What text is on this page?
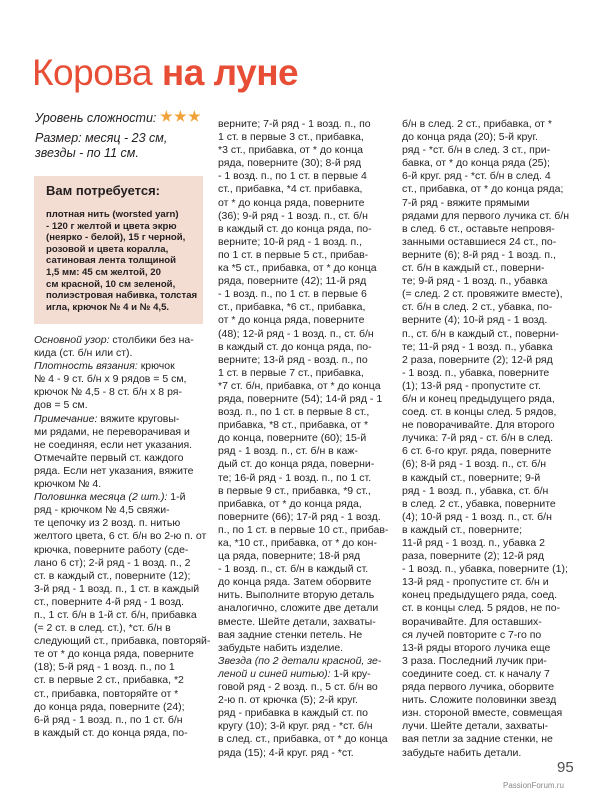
Корова на луне
Уровень сложности:
Размер: месяц - 23 см,
звезды - по 11 см.
Вам потребуется:
плотная нить (worsted yarn)
- 120 г желтой и цвета экрю
(неярко - белой), 15 г черной,
розовой и цвета коралла,
сатиновая лента толщиной
1,5 мм: 45 см желтой, 20
см красной, 10 см зеленой,
полиэстровая набивка, толстая
игла, крючок № 4 и № 4,5.

Основной узор: столбики без на-

кида (ст. б/н или ст).

Плотность вязания: крючок

№ 4 - 9 ст. б/н х 9 рядов = 5 см,

крючок № 4,5 - 8 ст. б/н х 8 ря-

дов = 5 см.

Примечание: вяжите круговы-

ми рядами, не переворачивая и

не соединяя, если нет указания.

Отмечайте первый ст. каждого

ряда. Если нет указания, вяжите

крючком № 4.

Половинка месяца (2 шт.): 1-й

ряд - крючком № 4,5 свяжи-

те цепочку из 2 возд. п. нитью

желтого цвета, 6 ст. б/н во 2-ю п. от

крючка, поверните работу (сде-

лано 6 ст); 2-й ряд - 1 возд. п., 2

ст. в каждый ст., поверните (12);

3-й ряд - 1 возд. п., 1 ст. в каждый

ст., поверните 4-й ряд - 1 возд.

п., 1 ст. б/н в 1-й ст. б/н, прибавка

(= 2 ст. в след. ст.), *ст. б/н в

следующий ст., прибавка, повторяй-

те от * до конца ряда, поверните

(18); 5-й ряд - 1 возд. п., по 1

ст. в первые 2 ст., прибавка, *2

ст., прибавка, повторяйте от *

до конца ряда, поверните (24);

6-й ряд - 1 возд. п., по 1 ст. б/н

в каждый ст. до конца ряда, по-

верните; 7-й ряд - 1 возд. п., по

1 ст. в первые 3 ст., прибавка,

*3 ст., прибавка, от * до конца

ряда, поверните (30); 8-й ряд

- 1 возд. п., по 1 ст. в первые 4

ст., прибавка, *4 ст. прибавка,

от * до конца ряда, поверните

(36); 9-й ряд - 1 возд. п., ст. б/н

в каждый ст. до конца ряда, по-

верните; 10-й ряд - 1 возд. п.,

по 1 ст. в первые 5 ст., прибав-

ка *5 ст., прибавка, от * до конца

ряда, поверните (42); 11-й ряд

- 1 возд. п., по 1 ст. в первые 6

ст., прибавка, *6 ст., прибавка,

от * до конца ряда, поверните

(48); 12-й ряд - 1 возд. п., ст. б/н

в каждый ст. до конца ряда, по-

верните; 13-й ряд - возд. п., по

1 ст. в первые 7 ст., прибавка,

*7 ст. б/н, прибавка, от * до конца

ряда, поверните (54); 14-й ряд - 1

возд. п., по 1 ст. в первые 8 ст.,

прибавка, *8 ст., прибавка, от *

до конца, поверните (60); 15-й

ряд - 1 возд. п., ст. б/н в каж-

дый ст. до конца ряда, поверни-

те; 16-й ряд - 1 возд. п., по 1 ст.

в первые 9 ст., прибавка, *9 ст.,

прибавка, от * до конца ряда,

поверните (66); 17-й ряд - 1 возд.

п., по 1 ст. в первые 10 ст., прибав-

ка, *10 ст., прибавка, от * до кон-

ца ряда, поверните; 18-й ряд

- 1 возд. п., ст. б/н в каждый ст.

до конца ряда. Затем оборвите

нить. Выполните вторую деталь

аналогично, сложите две детали

вместе. Шейте детали, захваты-

вая задние стенки петель. Не

забудьте набить изделие.

Звезда (по 2 детали красной, зе-

леной и синей нитью): 1-й кру-

говой ряд - 2 возд. п., 5 ст. б/н во

2-ю п. от крючка (5); 2-й круг.

ряд - прибавка в каждый ст. по

кругу (10); 3-й круг. ряд - *ст. б/н

в след. ст., прибавка, от * до конца

ряда (15); 4-й круг. ряд - *ст.

б/н в след. 2 ст., прибавка, от *

до конца ряда (20); 5-й круг.

ряд - *ст. б/н в след. 3 ст., при-

бавка, от * до конца ряда (25);

6-й круг. ряд - *ст. б/н в след. 4

ст., прибавка, от * до конца ряда;

7-й ряд - вяжите прямыми

рядами для первого лучика ст. б/н

в след. 6 ст., оставьте непровя-

занными оставшиеся 24 ст., по-

верните (6); 8-й ряд - 1 возд. п.,

ст. б/н в каждый ст., поверни-

те; 9-й ряд - 1 возд. п., убавка

(= след. 2 ст. провяжите вместе),

ст. б/н в след. 2 ст., убавка, по-

верните (4); 10-й ряд - 1 возд.

п., ст. б/н в каждый ст., поверни-

те; 11-й ряд - 1 возд. п., убавка

2 раза, поверните (2); 12-й ряд

- 1 возд. п., убавка, поверните

(1); 13-й ряд - пропустите ст.

б/н и конец предыдущего ряда,

соед. ст. в концы след. 5 рядов,

не поворачивайте. Для второго

лучика: 7-й ряд - ст. б/н в след.

6 ст. 6-го круг. ряда, поверните

(6); 8-й ряд - 1 возд. п., ст. б/н

в каждый ст., поверните; 9-й

ряд - 1 возд. п., убавка, ст. б/н

в след. 2 ст., убавка, поверните

(4); 10-й ряд - 1 возд. п., ст. б/н

в каждый ст., поверните;

11-й ряд - 1 возд. п., убавка 2

раза, поверните (2); 12-й ряд

- 1 возд. п., убавка, поверните (1);

13-й ряд - пропустите ст. б/н и

конец предыдущего ряда, соед.

ст. в концы след. 5 рядов, не по-

ворачивайте. Для оставших-

ся лучей повторите с 7-го по

13-й ряды второго лучика еще

3 раза. Последний лучик при-

соедините соед. ст. к началу 7

ряда первого лучика, оборвите

нить. Сложите половинки звезд

изн. стороной вместе, совмещая

лучи. Шейте детали, захваты-

вая петли за задние стенки, не

забудьте набить детали.

95
PassionForum.ru
